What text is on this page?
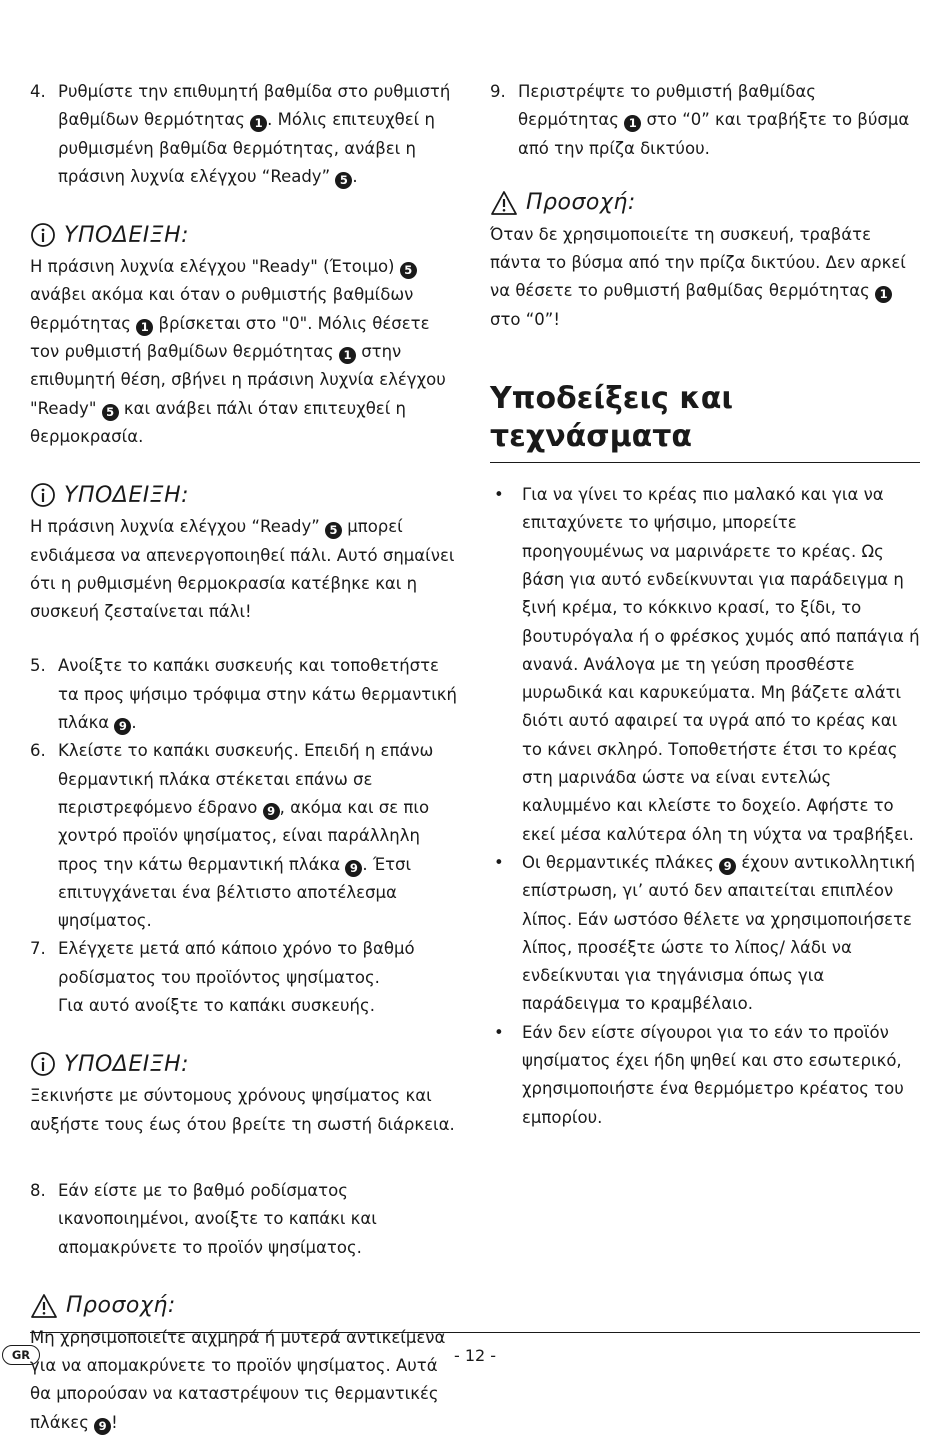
4. Ρυθμίστε την επιθυμητή βαθμίδα στο ρυθμιστή βαθμίδων θερμότητας 1 . Μόλις επιτευχθεί η ρυθμισμένη βαθμίδα θερμότητας, ανάβει η πράσινη λυχνία ελέγχου “Ready” 5 .

ΥΠΟΔΕΙΞΗ:

Η πράσινη λυχνία ελέγχου "Ready" (Έτοιμο) 5 ανάβει ακόμα και όταν ο ρυθμιστής βαθμίδων θερμότητας 1 βρίσκεται στο "0". Μόλις θέσετε τον ρυθμιστή βαθμίδων θερμότητας 1 στην επιθυμητή θέση, σβήνει η πράσινη λυχνία ελέγχου "Ready" 5 και ανάβει πάλι όταν επιτευχθεί η θερμοκρασία.

ΥΠΟΔΕΙΞΗ:

Η πράσινη λυχνία ελέγχου “Ready” 5 μπορεί ενδιάμεσα να απενεργοποιηθεί πάλι. Αυτό σημαίνει ότι η ρυθμισμένη θερμοκρασία κατέβηκε και η συσκευή ζεσταίνεται πάλι!

5. Ανοίξτε το καπάκι συσκευής και τοποθετήστε τα προς ψήσιμο τρόφιμα στην κάτω θερμαντική πλάκα 9 .

6. Κλείστε το καπάκι συσκευής. Επειδή η επάνω θερμαντική πλάκα στέκεται επάνω σε περιστρεφόμενο έδρανο 9 , ακόμα και σε πιο χοντρό προϊόν ψησίματος, είναι παράλληλη προς την κάτω θερμαντική πλάκα 9 . Έτσι επιτυγχάνεται ένα βέλτιστο αποτέλεσμα ψησίματος.

7. Ελέγχετε μετά από κάποιο χρόνο το βαθμό ροδίσματος του προϊόντος ψησίματος.

Για αυτό ανοίξτε το καπάκι συσκευής.

ΥΠΟΔΕΙΞΗ:

Ξεκινήστε με σύντομους χρόνους ψησίματος και αυξήστε τους έως ότου βρείτε τη σωστή διάρκεια.

8. Εάν είστε με το βαθμό ροδίσματος ικανοποιημένοι, ανοίξτε το καπάκι και απομακρύνετε το προϊόν ψησίματος.

Προσοχή:

Μη χρησιμοποιείτε αιχμηρά ή μυτερά αντικείμενα για να απομακρύνετε το προϊόν ψησίματος. Αυτά θα μπορούσαν να καταστρέψουν τις θερμαντικές πλάκες 9 !

9. Περιστρέψτε το ρυθμιστή βαθμίδας θερμότητας 1 στο “0” και τραβήξτε το βύσμα από την πρίζα δικτύου.

Προσοχή:

Όταν δε χρησιμοποιείτε τη συσκευή, τραβάτε πάντα το βύσμα από την πρίζα δικτύου. Δεν αρκεί να θέσετε το ρυθμιστή βαθμίδας θερμότητας 1 στο “0”!

Υποδείξεις και τεχνάσματα
•	Για να γίνει το κρέας πιο μαλακό και για να επιταχύνετε το ψήσιμο, μπορείτε προηγουμένως να μαρινάρετε το κρέας. Ως βάση για αυτό ενδείκνυνται για παράδειγμα η ξινή κρέμα, το κόκκινο κρασί, το ξίδι, το βουτυρόγαλα ή ο φρέσκος χυμός από παπάγια ή ανανά. Ανάλογα με τη γεύση προσθέστε μυρωδικά και καρυκεύματα. Μη βάζετε αλάτι διότι αυτό αφαιρεί τα υγρά από το κρέας και το κάνει σκληρό. Τοποθετήστε έτσι το κρέας στη μαρινάδα ώστε να είναι εντελώς καλυμμένο και κλείστε το δοχείο. Αφήστε το εκεί μέσα καλύτερα όλη τη νύχτα να τραβήξει.

•	Οι θερμαντικές πλάκες 9 έχουν αντικολλητική επίστρωση, γι’ αυτό δεν απαιτείται επιπλέον λίπος. Εάν ωστόσο θέλετε να χρησιμοποιήσετε λίπος, προσέξτε ώστε το λίπος/ λάδι να ενδείκνυται για τηγάνισμα όπως για παράδειγμα το κραμβέλαιο.

•	Εάν δεν είστε σίγουροι για το εάν το προϊόν ψησίματος έχει ήδη ψηθεί και στο εσωτερικό, χρησιμοποιήστε ένα θερμόμετρο κρέατος του εμπορίου.

GR	- 12 -
